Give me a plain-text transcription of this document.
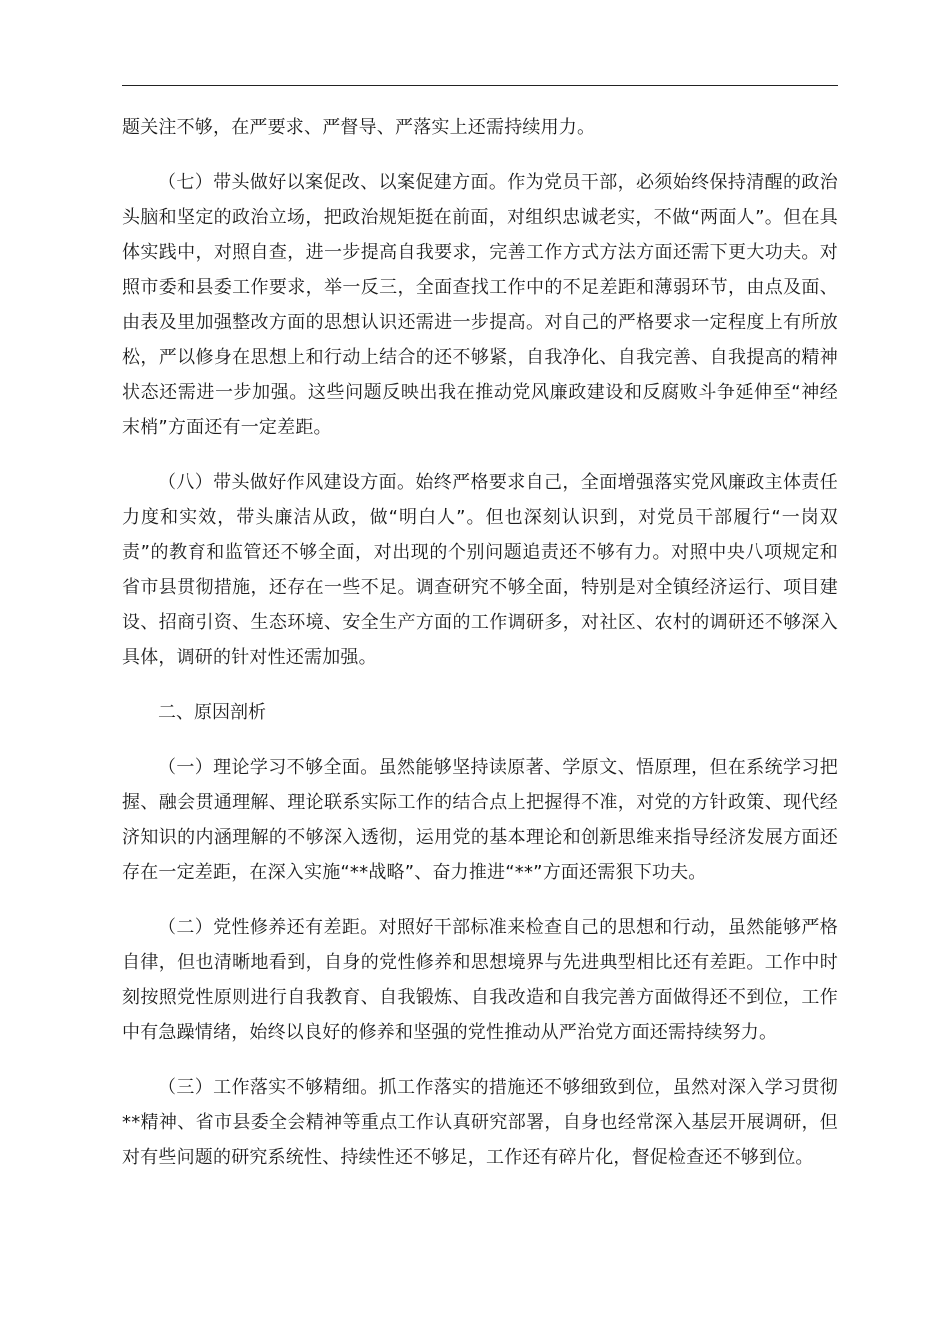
题关注不够，在严要求、严督导、严落实上还需持续用力。

（七）带头做好以案促改、以案促建方面。作为党员干部，必须始终保持清醒的政治头脑和坚定的政治立场，把政治规矩挺在前面，对组织忠诚老实，不做“两面人”。但在具体实践中，对照自查，进一步提高自我要求，完善工作方式方法方面还需下更大功夫。对照市委和县委工作要求，举一反三，全面查找工作中的不足差距和薄弱环节，由点及面、由表及里加强整改方面的思想认识还需进一步提高。对自己的严格要求一定程度上有所放松，严以修身在思想上和行动上结合的还不够紧，自我净化、自我完善、自我提高的精神状态还需进一步加强。这些问题反映出我在推动党风廉政建设和反腐败斗争延伸至“神经末梢”方面还有一定差距。

（八）带头做好作风建设方面。始终严格要求自己，全面增强落实党风廉政主体责任力度和实效，带头廉洁从政，做“明白人”。但也深刻认识到，对党员干部履行“一岗双责”的教育和监管还不够全面，对出现的个别问题追责还不够有力。对照中央八项规定和省市县贯彻措施，还存在一些不足。调查研究不够全面，特别是对全镇经济运行、项目建设、招商引资、生态环境、安全生产方面的工作调研多，对社区、农村的调研还不够深入具体，调研的针对性还需加强。

二、原因剖析

（一）理论学习不够全面。虽然能够坚持读原著、学原文、悟原理，但在系统学习把握、融会贯通理解、理论联系实际工作的结合点上把握得不准，对党的方针政策、现代经济知识的内涵理解的不够深入透彻，运用党的基本理论和创新思维来指导经济发展方面还存在一定差距，在深入实施“**战略”、奋力推进“**”方面还需狠下功夫。

（二）党性修养还有差距。对照好干部标准来检查自己的思想和行动，虽然能够严格自律，但也清晰地看到，自身的党性修养和思想境界与先进典型相比还有差距。工作中时刻按照党性原则进行自我教育、自我锻炼、自我改造和自我完善方面做得还不到位，工作中有急躁情绪，始终以良好的修养和坚强的党性推动从严治党方面还需持续努力。

（三）工作落实不够精细。抓工作落实的措施还不够细致到位，虽然对深入学习贯彻**精神、省市县委全会精神等重点工作认真研究部署，自身也经常深入基层开展调研，但对有些问题的研究系统性、持续性还不够足，工作还有碎片化，督促检查还不够到位。
